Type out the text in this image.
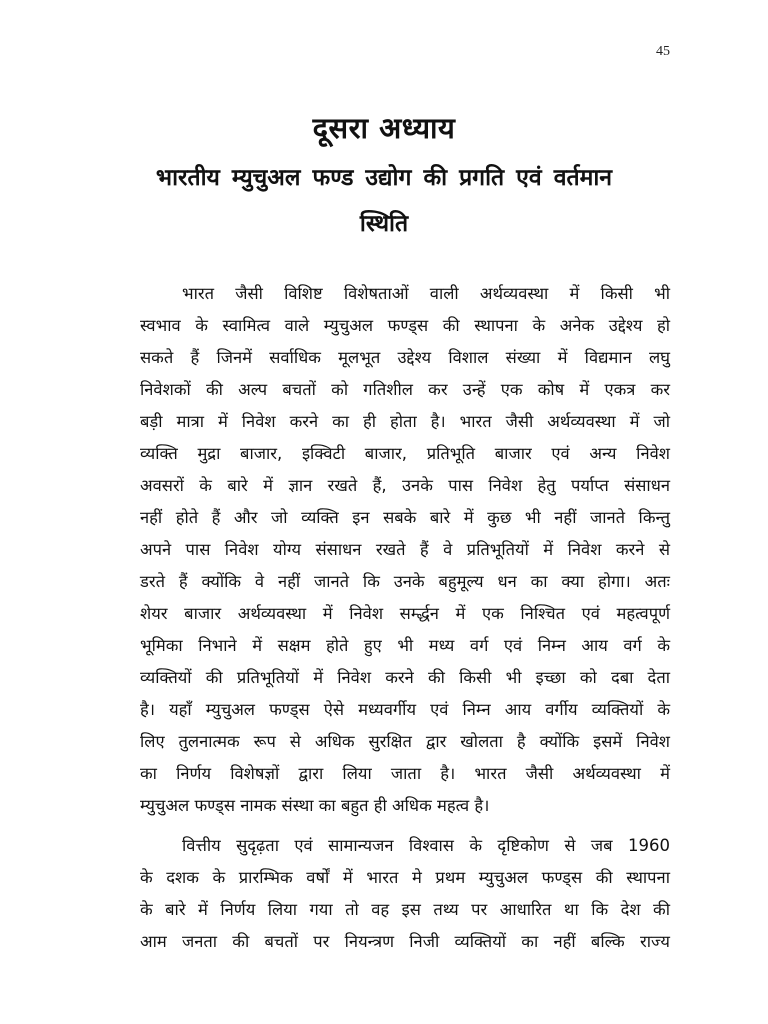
45
दूसरा अध्याय
भारतीय म्युचुअल फण्ड उद्योग की प्रगति एवं वर्तमान
स्थिति
भारत जैसी विशिष्ट विशेषताओं वाली अर्थव्यवस्था में किसी भी
स्वभाव के स्वामित्व वाले म्युचुअल फण्ड्स की स्थापना के अनेक उद्देश्य हो
सकते हैं जिनमें सर्वाधिक मूलभूत उद्देश्य विशाल संख्या में विद्यमान लघु
निवेशकों की अल्प बचतों को गतिशील कर उन्हें एक कोष में एकत्र कर
बड़ी मात्रा में निवेश करने का ही होता है। भारत जैसी अर्थव्यवस्था में जो
व्यक्ति मुद्रा बाजार, इक्विटी बाजार, प्रतिभूति बाजार एवं अन्य निवेश
अवसरों के बारे में ज्ञान रखते हैं, उनके पास निवेश हेतु पर्याप्त संसाधन
नहीं होते हैं और जो व्यक्ति इन सबके बारे में कुछ भी नहीं जानते किन्तु
अपने पास निवेश योग्य संसाधन रखते हैं वे प्रतिभूतियों में निवेश करने से
डरते हैं क्योंकि वे नहीं जानते कि उनके बहुमूल्य धन का क्या होगा। अतः
शेयर बाजार अर्थव्यवस्था में निवेश सर्म्द्धन में एक निश्चित एवं महत्वपूर्ण
भूमिका निभाने में सक्षम होते हुए भी मध्य वर्ग एवं निम्न आय वर्ग के
व्यक्तियों की प्रतिभूतियों में निवेश करने की किसी भी इच्छा को दबा देता
है। यहाँ म्युचुअल फण्ड्स ऐसे मध्यवर्गीय एवं निम्न आय वर्गीय व्यक्तियों के
लिए तुलनात्मक रूप से अधिक सुरक्षित द्वार खोलता है क्योंकि इसमें निवेश
का निर्णय विशेषज्ञों द्वारा लिया जाता है। भारत जैसी अर्थव्यवस्था में
म्युचुअल फण्ड्स नामक संस्था का बहुत ही अधिक महत्व है।
वित्तीय सुदृढ़ता एवं सामान्यजन विश्वास के दृष्टिकोण से जब 1960
के दशक के प्रारम्भिक वर्षों में भारत मे प्रथम म्युचुअल फण्ड्स की स्थापना
के बारे में निर्णय लिया गया तो वह इस तथ्य पर आधारित था कि देश की
आम जनता की बचतों पर नियन्त्रण निजी व्यक्तियों का नहीं बल्कि राज्य
